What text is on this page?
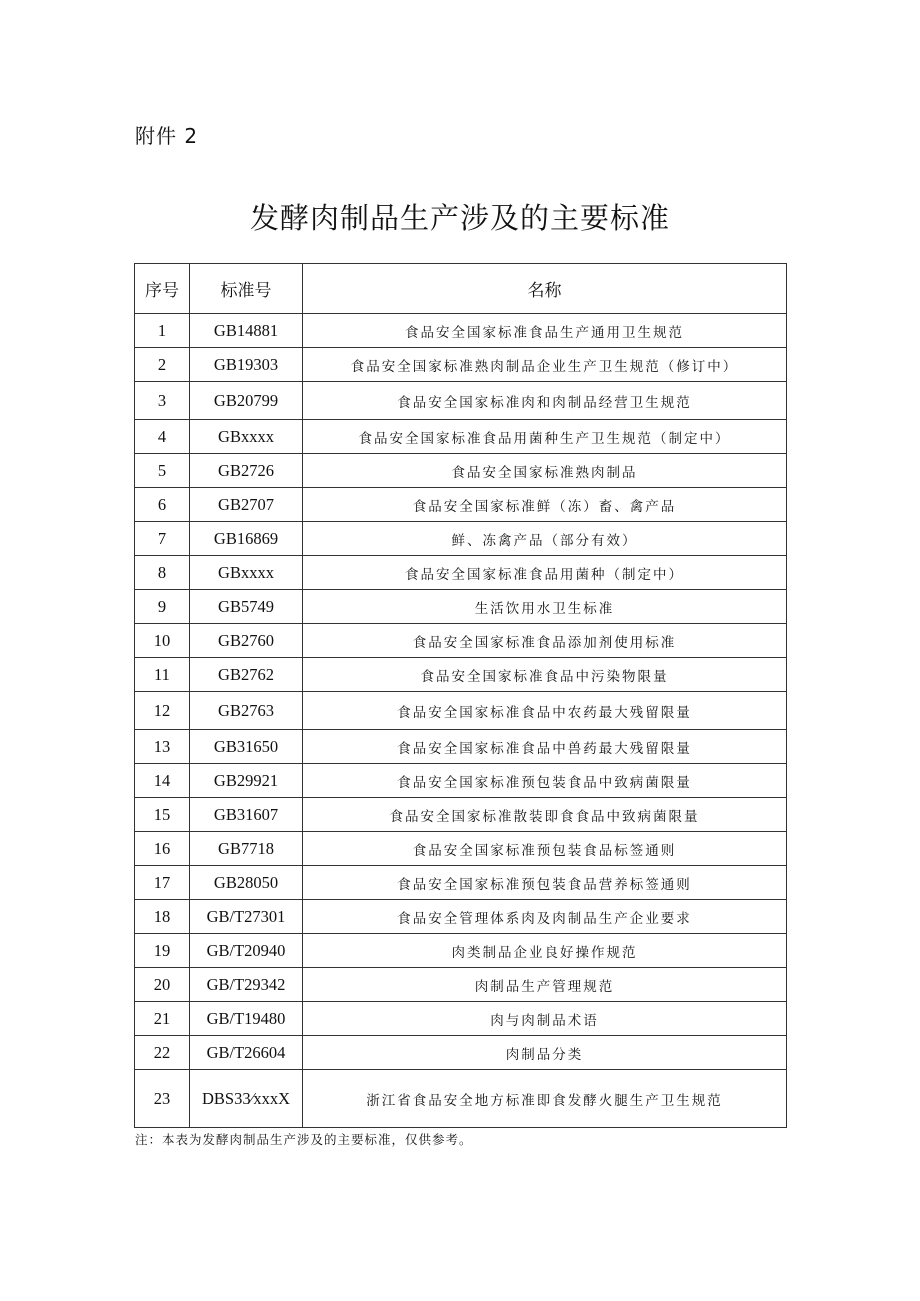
附件 2
发酵肉制品生产涉及的主要标准
序号	标准号	名称
1	GB14881	食品安全国家标准食品生产通用卫生规范
2	GB19303	食品安全国家标准熟肉制品企业生产卫生规范（修订中）
3	GB20799	食品安全国家标准肉和肉制品经营卫生规范
4	GBxxxx	食品安全国家标准食品用菌种生产卫生规范（制定中）
5	GB2726	食品安全国家标准熟肉制品
6	GB2707	食品安全国家标准鲜（冻）畜、禽产品
7	GB16869	鲜、冻禽产品（部分有效）
8	GBxxxx	食品安全国家标准食品用菌种（制定中）
9	GB5749	生活饮用水卫生标准
10	GB2760	食品安全国家标准食品添加剂使用标准
11	GB2762	食品安全国家标准食品中污染物限量
12	GB2763	食品安全国家标准食品中农药最大残留限量
13	GB31650	食品安全国家标准食品中兽药最大残留限量
14	GB29921	食品安全国家标准预包装食品中致病菌限量
15	GB31607	食品安全国家标准散装即食食品中致病菌限量
16	GB7718	食品安全国家标准预包装食品标签通则
17	GB28050	食品安全国家标准预包装食品营养标签通则
18	GB/T27301	食品安全管理体系肉及肉制品生产企业要求
19	GB/T20940	肉类制品企业良好操作规范
20	GB/T29342	肉制品生产管理规范
21	GB/T19480	肉与肉制品术语
22	GB/T26604	肉制品分类
23	DBS33⁄xxxX	浙江省食品安全地方标准即食发酵火腿生产卫生规范
注：本表为发酵肉制品生产涉及的主要标准，仅供参考。
